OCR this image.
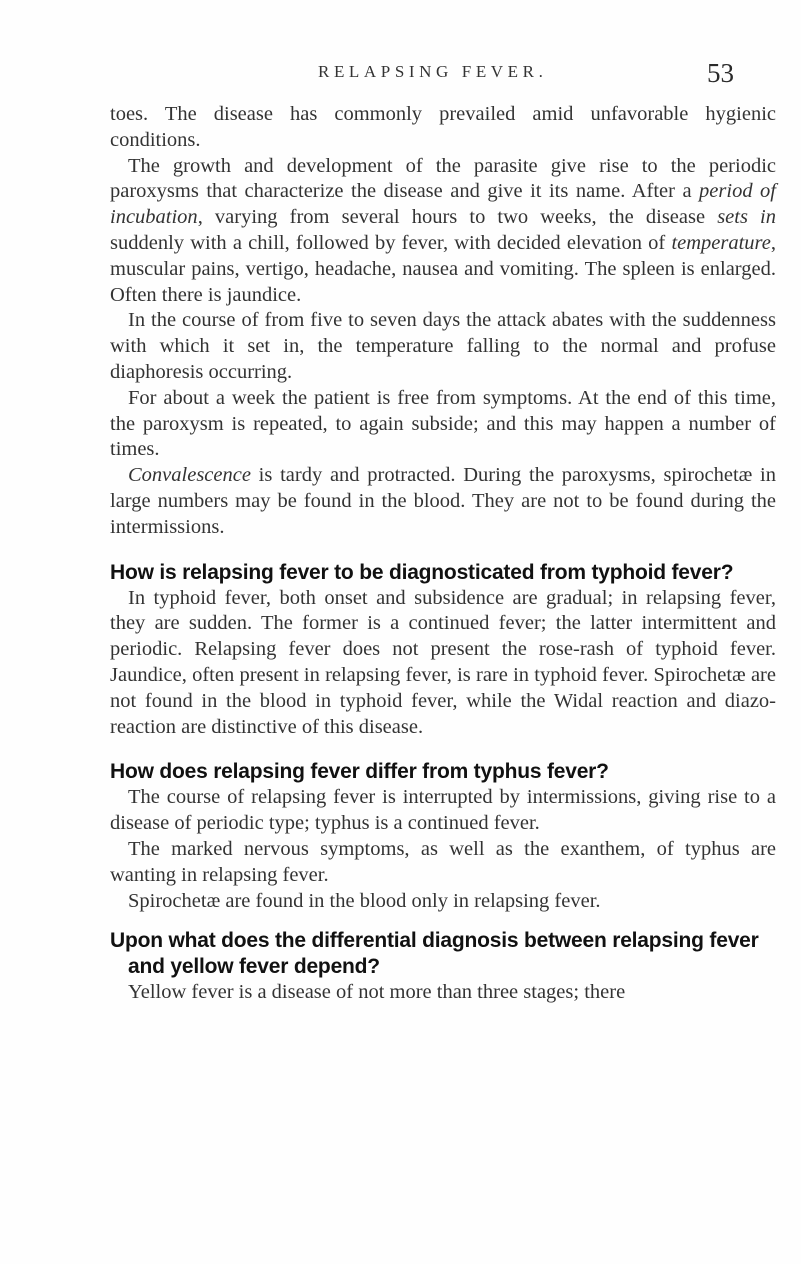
RELAPSING FEVER.	53

toes. The disease has commonly prevailed amid unfavorable hygienic conditions.

The growth and development of the parasite give rise to the periodic paroxysms that characterize the disease and give it its name. After a period of incubation, varying from several hours to two weeks, the disease sets in suddenly with a chill, followed by fever, with decided elevation of temperature, muscular pains, vertigo, headache, nausea and vomiting. The spleen is enlarged. Often there is jaundice.

In the course of from five to seven days the attack abates with the suddenness with which it set in, the temperature falling to the normal and profuse diaphoresis occurring.

For about a week the patient is free from symptoms. At the end of this time, the paroxysm is repeated, to again subside; and this may happen a number of times.

Convalescence is tardy and protracted. During the paroxysms, spirochetæ in large numbers may be found in the blood. They are not to be found during the intermissions.

How is relapsing fever to be diagnosticated from typhoid fever?

In typhoid fever, both onset and subsidence are gradual; in relapsing fever, they are sudden. The former is a continued fever; the latter intermittent and periodic. Relapsing fever does not present the rose-rash of typhoid fever. Jaundice, often present in relapsing fever, is rare in typhoid fever. Spirochetæ are not found in the blood in typhoid fever, while the Widal reaction and diazo-reaction are distinctive of this disease.

How does relapsing fever differ from typhus fever?

The course of relapsing fever is interrupted by intermissions, giving rise to a disease of periodic type; typhus is a continued fever.

The marked nervous symptoms, as well as the exanthem, of typhus are wanting in relapsing fever.

Spirochetæ are found in the blood only in relapsing fever.

Upon what does the differential diagnosis between relapsing fever and yellow fever depend?

Yellow fever is a disease of not more than three stages; there
